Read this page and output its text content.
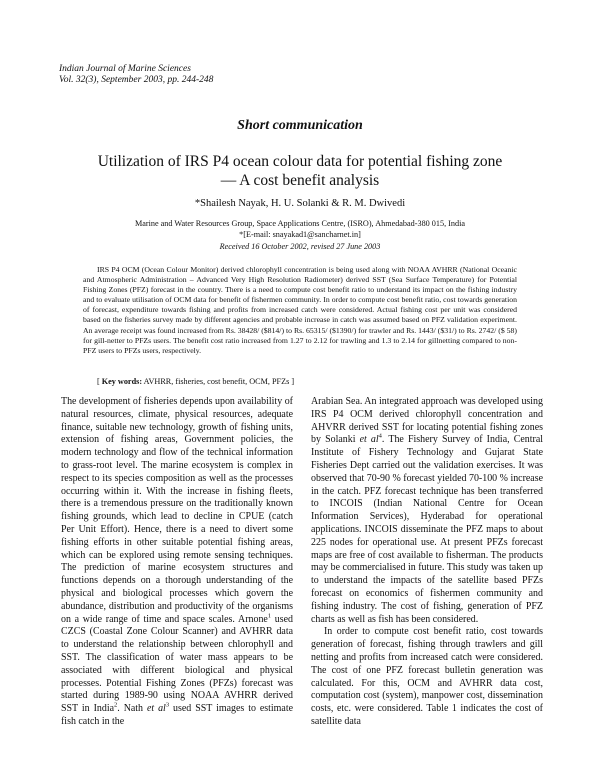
Indian Journal of Marine Sciences
Vol. 32(3), September 2003, pp. 244-248
Short communication
Utilization of IRS P4 ocean colour data for potential fishing zone
— A cost benefit analysis
*Shailesh Nayak, H. U. Solanki & R. M. Dwivedi
Marine and Water Resources Group, Space Applications Centre, (ISRO), Ahmedabad-380 015, India
*[E-mail: snayakad1@sancharnet.in]
Received 16 October 2002, revised 27 June 2003
IRS P4 OCM (Ocean Colour Monitor) derived chlorophyll concentration is being used along with NOAA AVHRR (National Oceanic and Atmospheric Administration – Advanced Very High Resolution Radiometer) derived SST (Sea Surface Temperature) for Potential Fishing Zones (PFZ) forecast in the country. There is a need to compute cost benefit ratio to understand its impact on the fishing industry and to evaluate utilisation of OCM data for benefit of fishermen community. In order to compute cost benefit ratio, cost towards generation of forecast, expenditure towards fishing and profits from increased catch were considered. Actual fishing cost per unit was considered based on the fisheries survey made by different agencies and probable increase in catch was assumed based on PFZ validation experiment. An average receipt was found increased from Rs. 38428/ ($814/) to Rs. 65315/ ($1390/) for trawler and Rs. 1443/ ($31/) to Rs. 2742/ ($ 58) for gill-netter to PFZs users. The benefit cost ratio increased from 1.27 to 2.12 for trawling and 1.3 to 2.14 for gillnetting compared to non-PFZ users to PFZs users, respectively.
[ Key words: AVHRR, fisheries, cost benefit, OCM, PFZs ]

The development of fisheries depends upon availability of natural resources, climate, physical resources, adequate finance, suitable new technology, growth of fishing units, extension of fishing areas, Government policies, the modern technology and flow of the technical information to grass-root level. The marine ecosystem is complex in respect to its species composition as well as the processes occurring within it. With the increase in fishing fleets, there is a tremendous pressure on the traditionally known fishing grounds, which lead to decline in CPUE (catch Per Unit Effort). Hence, there is a need to divert some fishing efforts in other suitable potential fishing areas, which can be explored using remote sensing techniques. The prediction of marine ecosystem structures and functions depends on a thorough understanding of the physical and biological processes which govern the abundance, distribution and productivity of the organisms on a wide range of time and space scales. Arnone$^1$ used CZCS (Coastal Zone Colour Scanner) and AVHRR data to understand the relationship between chlorophyll and SST. The classification of water mass appears to be associated with different biological and physical processes. Potential Fishing Zones (PFZs) forecast was started during 1989-90 using NOAA AVHRR derived SST in India$^2$. Nath et $al^3$ used SST images to estimate fish catch in the

Arabian Sea. An integrated approach was developed using IRS P4 OCM derived chlorophyll concentration and AHVRR derived SST for locating potential fishing zones by Solanki et $al^4$. The Fishery Survey of India, Central Institute of Fishery Technology and Gujarat State Fisheries Dept carried out the validation exercises. It was observed that 70-90 % forecast yielded 70-100 % increase in the catch. PFZ forecast technique has been transferred to INCOIS (Indian National Centre for Ocean Information Services), Hyderabad for operational applications. INCOIS disseminate the PFZ maps to about 225 nodes for operational use. At present PFZs forecast maps are free of cost available to fisherman. The products may be commercialised in future. This study was taken up to understand the impacts of the satellite based PFZs forecast on economics of fishermen community and fishing industry. The cost of fishing, generation of PFZ charts as well as fish has been considered.

In order to compute cost benefit ratio, cost towards generation of forecast, fishing through trawlers and gill netting and profits from increased catch were considered. The cost of one PFZ forecast bulletin generation was calculated. For this, OCM and AVHRR data cost, computation cost (system), manpower cost, dissemination costs, etc. were considered. Table 1 indicates the cost of satellite data
